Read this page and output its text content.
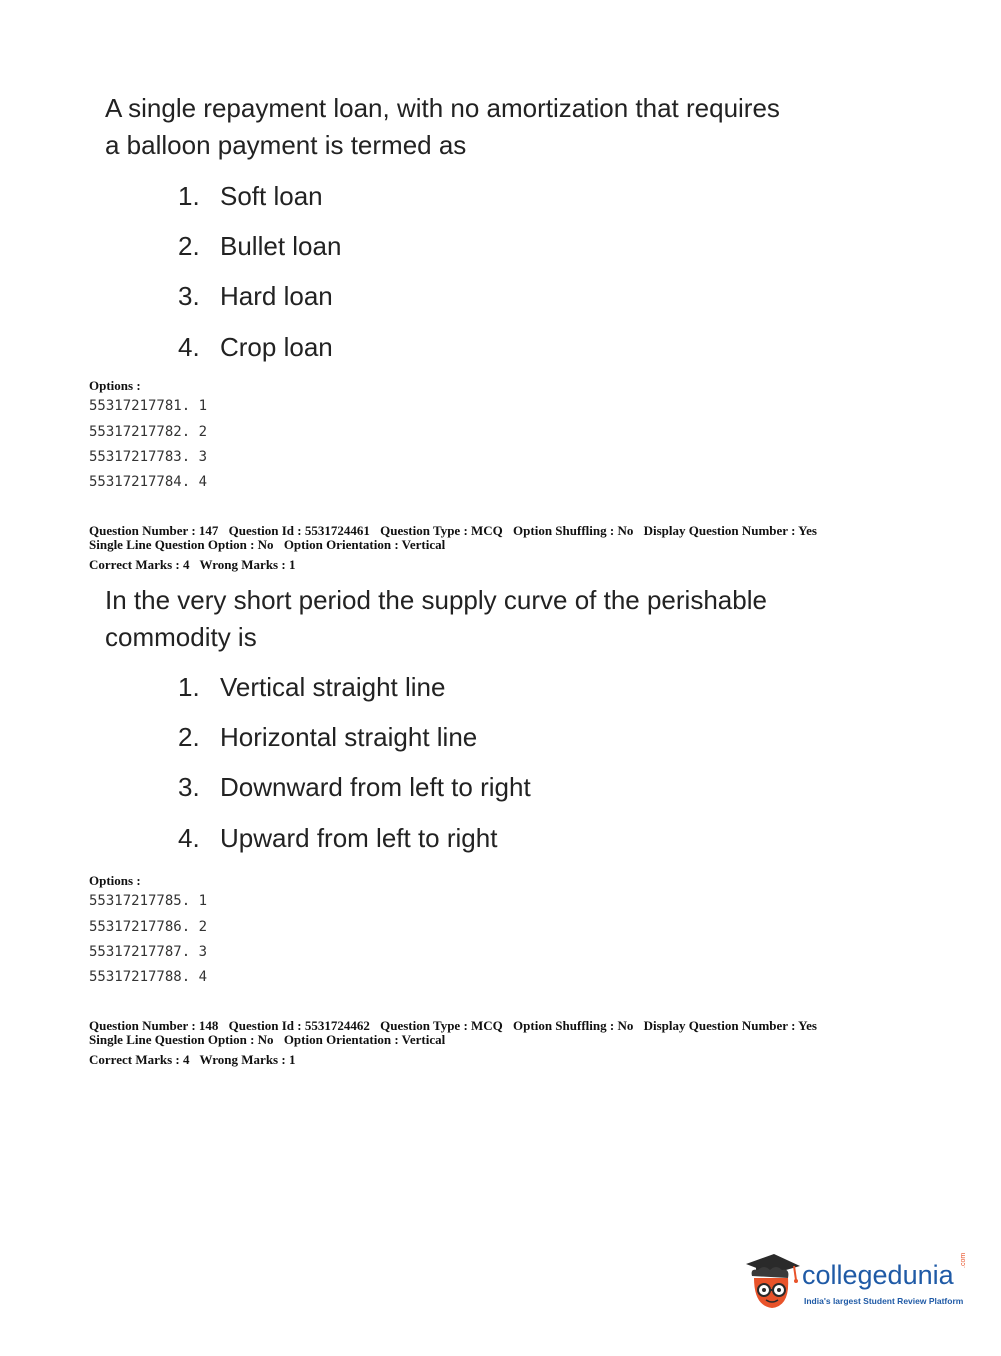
A single repayment loan, with no amortization that requires
a balloon payment is termed as
1. Soft loan
2. Bullet loan
3. Hard loan
4. Crop loan
Options :
55317217781. 1
55317217782. 2
55317217783. 3
55317217784. 4
Question Number : 147 Question Id : 5531724461 Question Type : MCQ Option Shuffling : No Display Question Number : Yes
Single Line Question Option : No Option Orientation : Vertical
Correct Marks : 4 Wrong Marks : 1
In the very short period the supply curve of the perishable
commodity is
1. Vertical straight line
2. Horizontal straight line
3. Downward from left to right
4. Upward from left to right
Options :
55317217785. 1
55317217786. 2
55317217787. 3
55317217788. 4
Question Number : 148 Question Id : 5531724462 Question Type : MCQ Option Shuffling : No Display Question Number : Yes
Single Line Question Option : No Option Orientation : Vertical
Correct Marks : 4 Wrong Marks : 1
collegedunia .com
India's largest Student Review Platform
